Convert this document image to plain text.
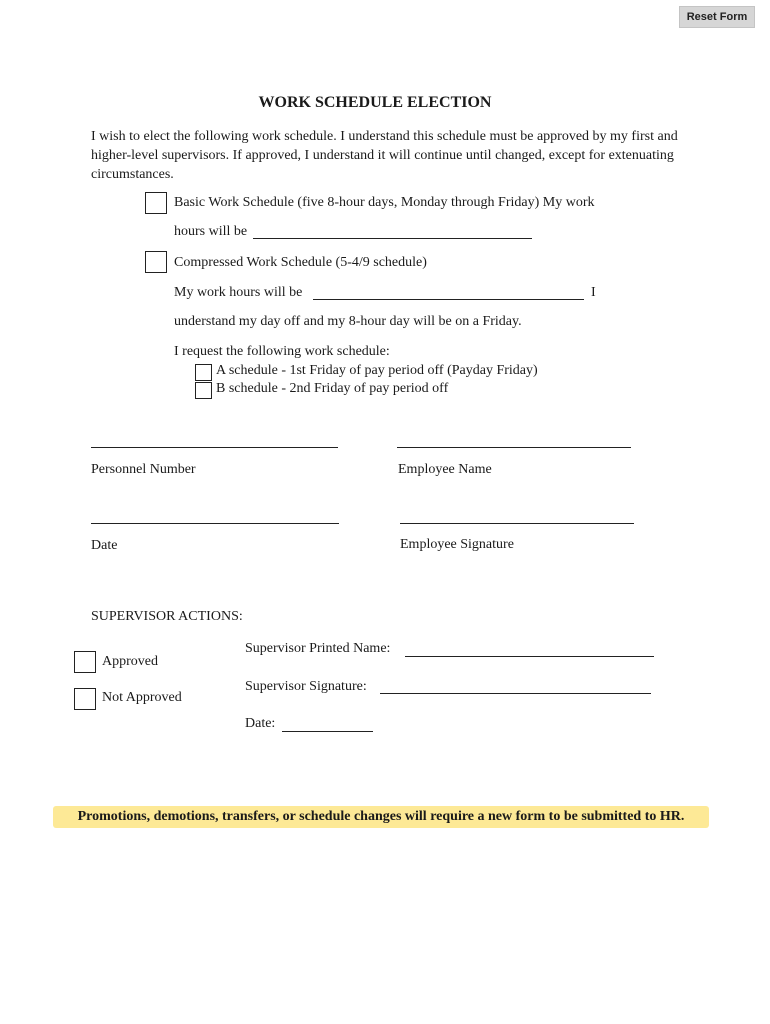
Reset Form
WORK SCHEDULE ELECTION
I wish to elect the following work schedule. I understand this schedule must be approved by my first and higher-level supervisors. If approved, I understand it will continue until changed, except for extenuating circumstances.
Basic Work Schedule (five 8-hour days, Monday through Friday) My work
hours will be
Compressed Work Schedule (5-4/9 schedule)
My work hours will be	I
understand my day off and my 8-hour day will be on a Friday.
I request the following work schedule:
A schedule - 1st Friday of pay period off (Payday Friday)
B schedule - 2nd Friday of pay period off
Personnel Number	Employee Name
Date	Employee Signature
SUPERVISOR ACTIONS:
Approved
Not Approved
Supervisor Printed Name:
Supervisor Signature:
Date:
Promotions, demotions, transfers, or schedule changes will require a new form to be submitted to HR.
